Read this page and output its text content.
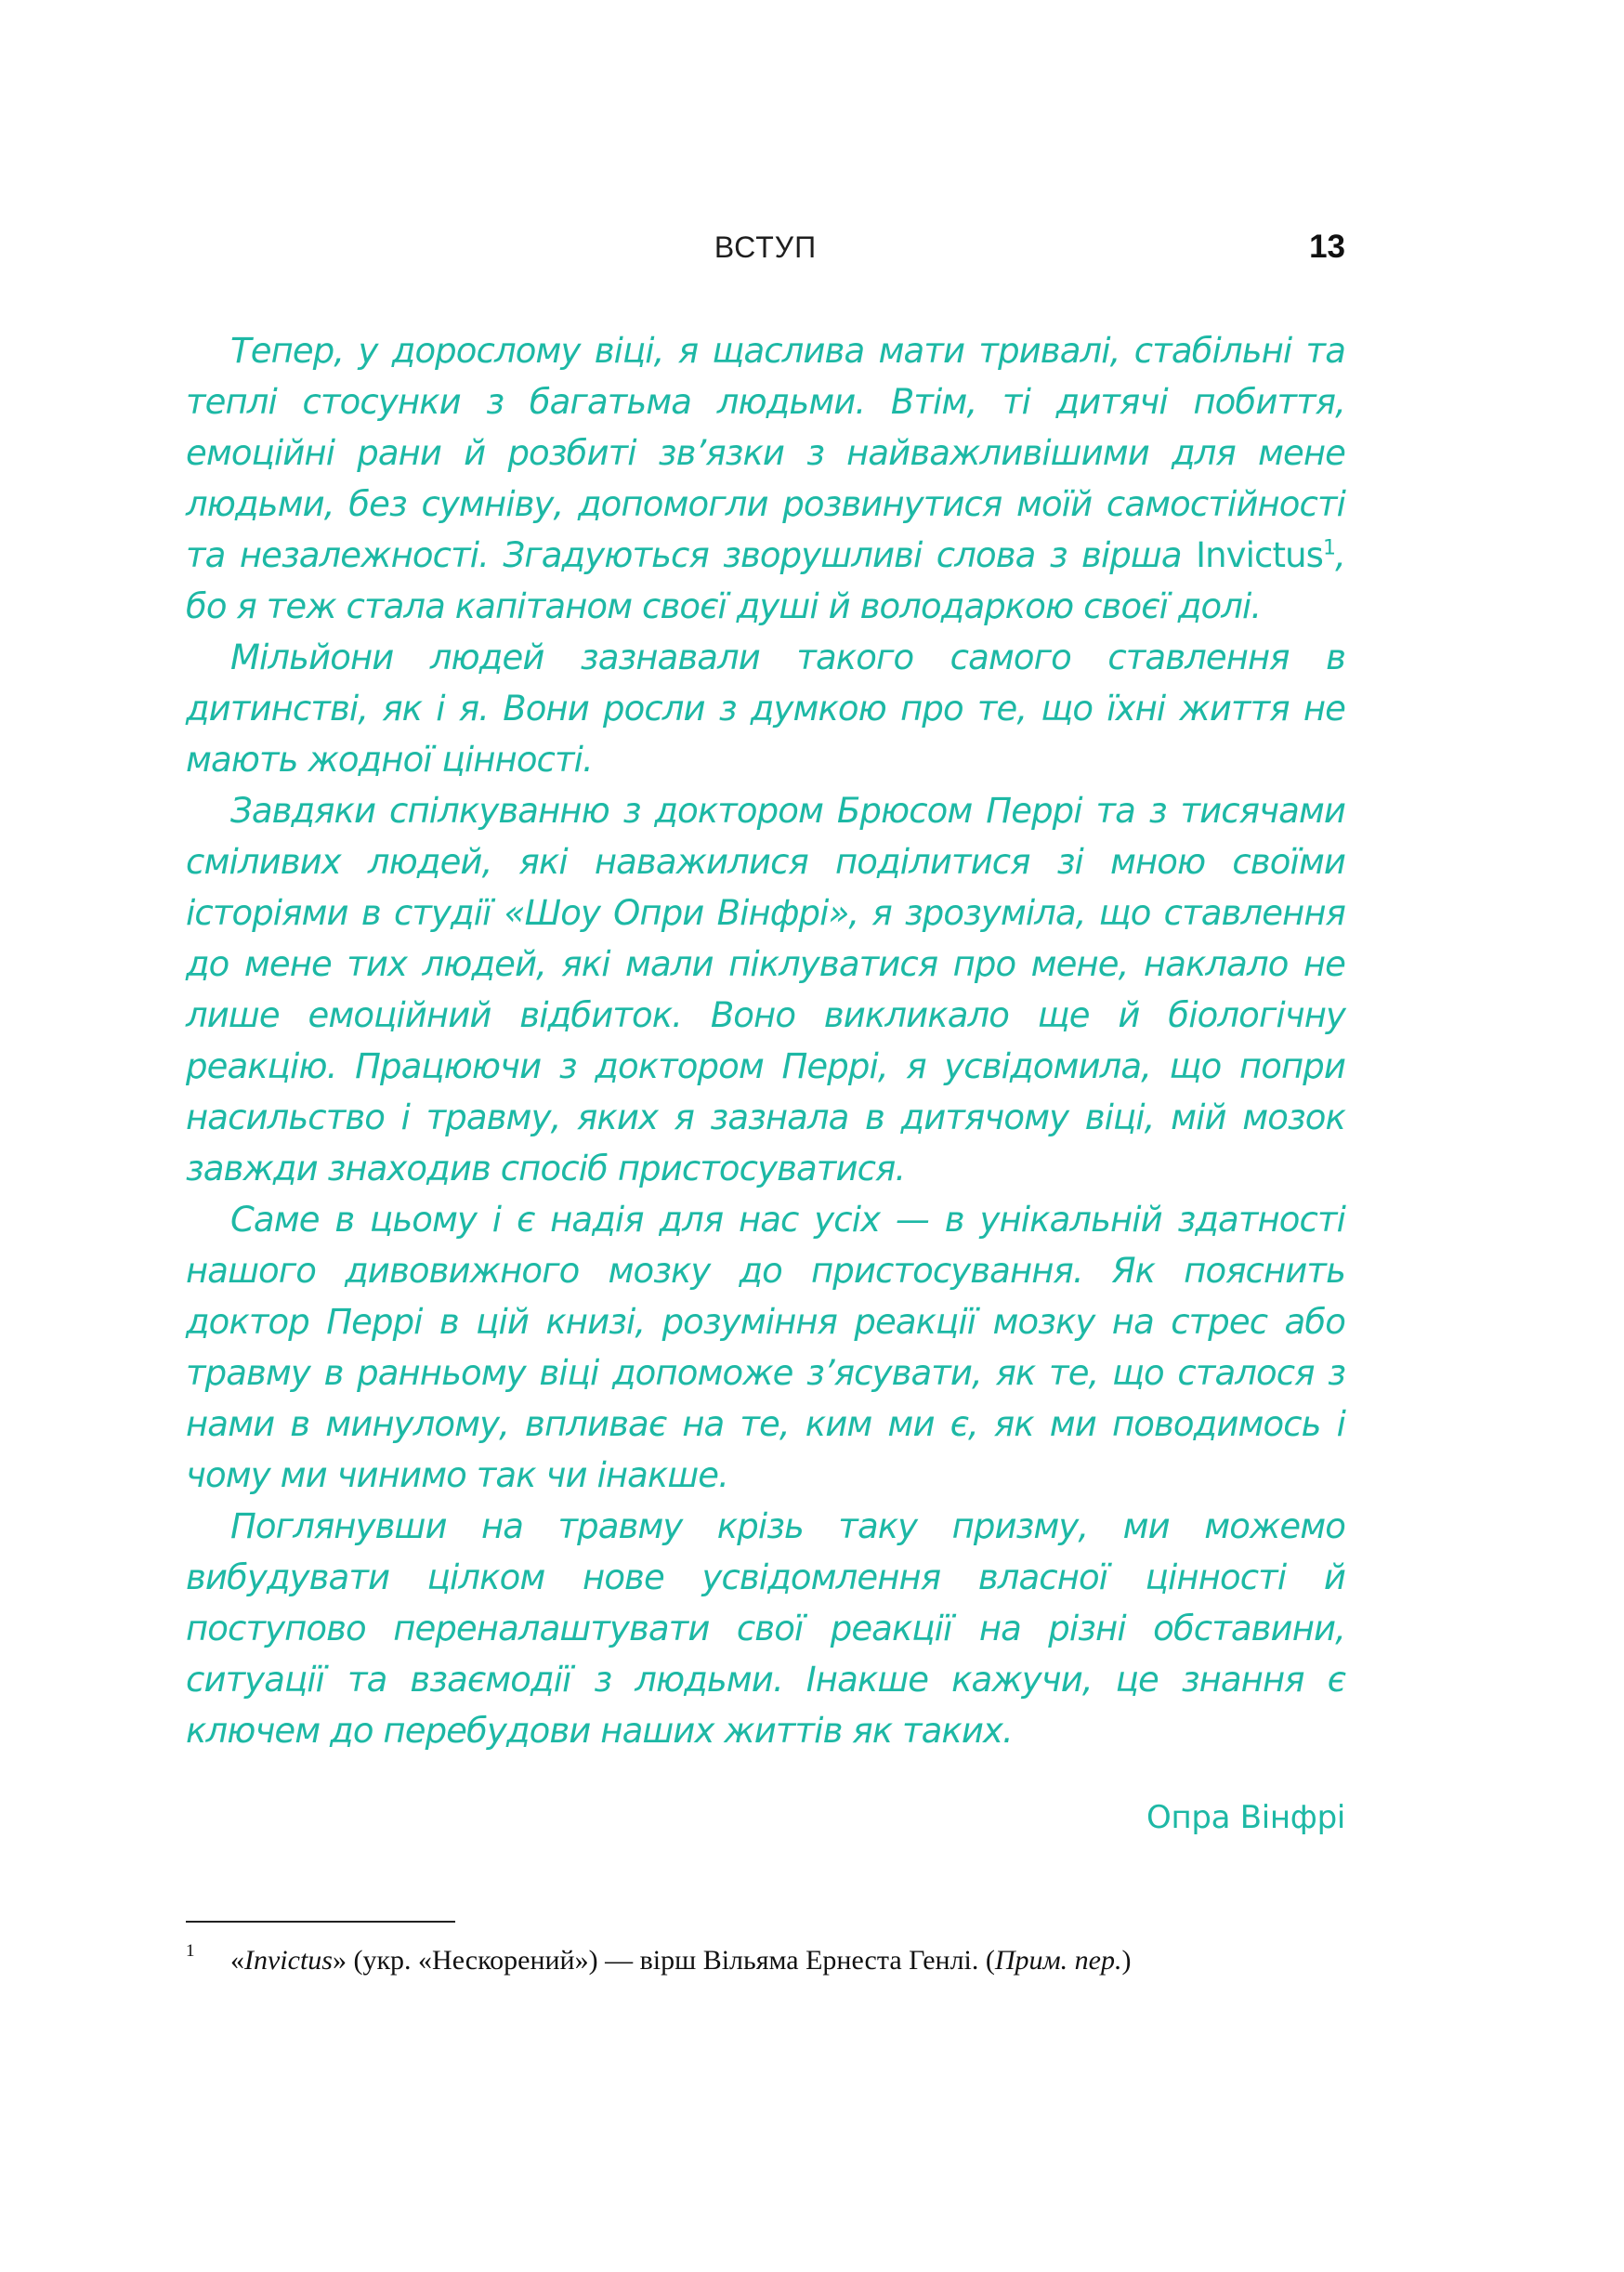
ВСТУП	13

Тепер, у дорослому віці, я щаслива мати тривалі, стабільні та теплі стосунки з багатьма людьми. Втім, ті дитячі побиття, емоційні рани й розбиті зв’язки з найважливішими для мене людьми, без сумніву, допомогли розвинутися моїй самостійності та незалежності. Згадуються зворушливі слова з вірша Invictus$^1$, бо я теж стала капітаном своєї душі й володаркою своєї долі.

Мільйони людей зазнавали такого самого ставлення в дитинстві, як і я. Вони росли з думкою про те, що їхні життя не мають жодної цінності.

Завдяки спілкуванню з доктором Брюсом Перрі та з тисячами сміливих людей, які наважилися поділитися зі мною своїми історіями в студії «Шоу Опри Вінфрі», я зрозуміла, що ставлення до мене тих людей, які мали піклуватися про мене, наклало не лише емоційний відбиток. Воно викликало ще й біологічну реакцію. Працюючи з доктором Перрі, я усвідомила, що попри насильство і травму, яких я зазнала в дитячому віці, мій мозок завжди знаходив спосіб пристосуватися.

Саме в цьому і є надія для нас усіх — в унікальній здатності нашого дивовижного мозку до пристосування. Як пояснить доктор Перрі в цій книзі, розуміння реакції мозку на стрес або травму в ранньому віці допоможе з’ясувати, як те, що сталося з нами в минулому, впливає на те, ким ми є, як ми поводимось і чому ми чинимо так чи інакше.

Поглянувши на травму крізь таку призму, ми можемо вибудувати цілком нове усвідомлення власної цінності й поступово переналаштувати свої реакції на різні обставини, ситуації та взаємодії з людьми. Інакше кажучи, це знання є ключем до перебудови наших життів як таких.

Опра Вінфрі
1 «Invictus» (укр. «Нескорений») — вірш Вільяма Ернеста Генлі. (Прим. пер.)
